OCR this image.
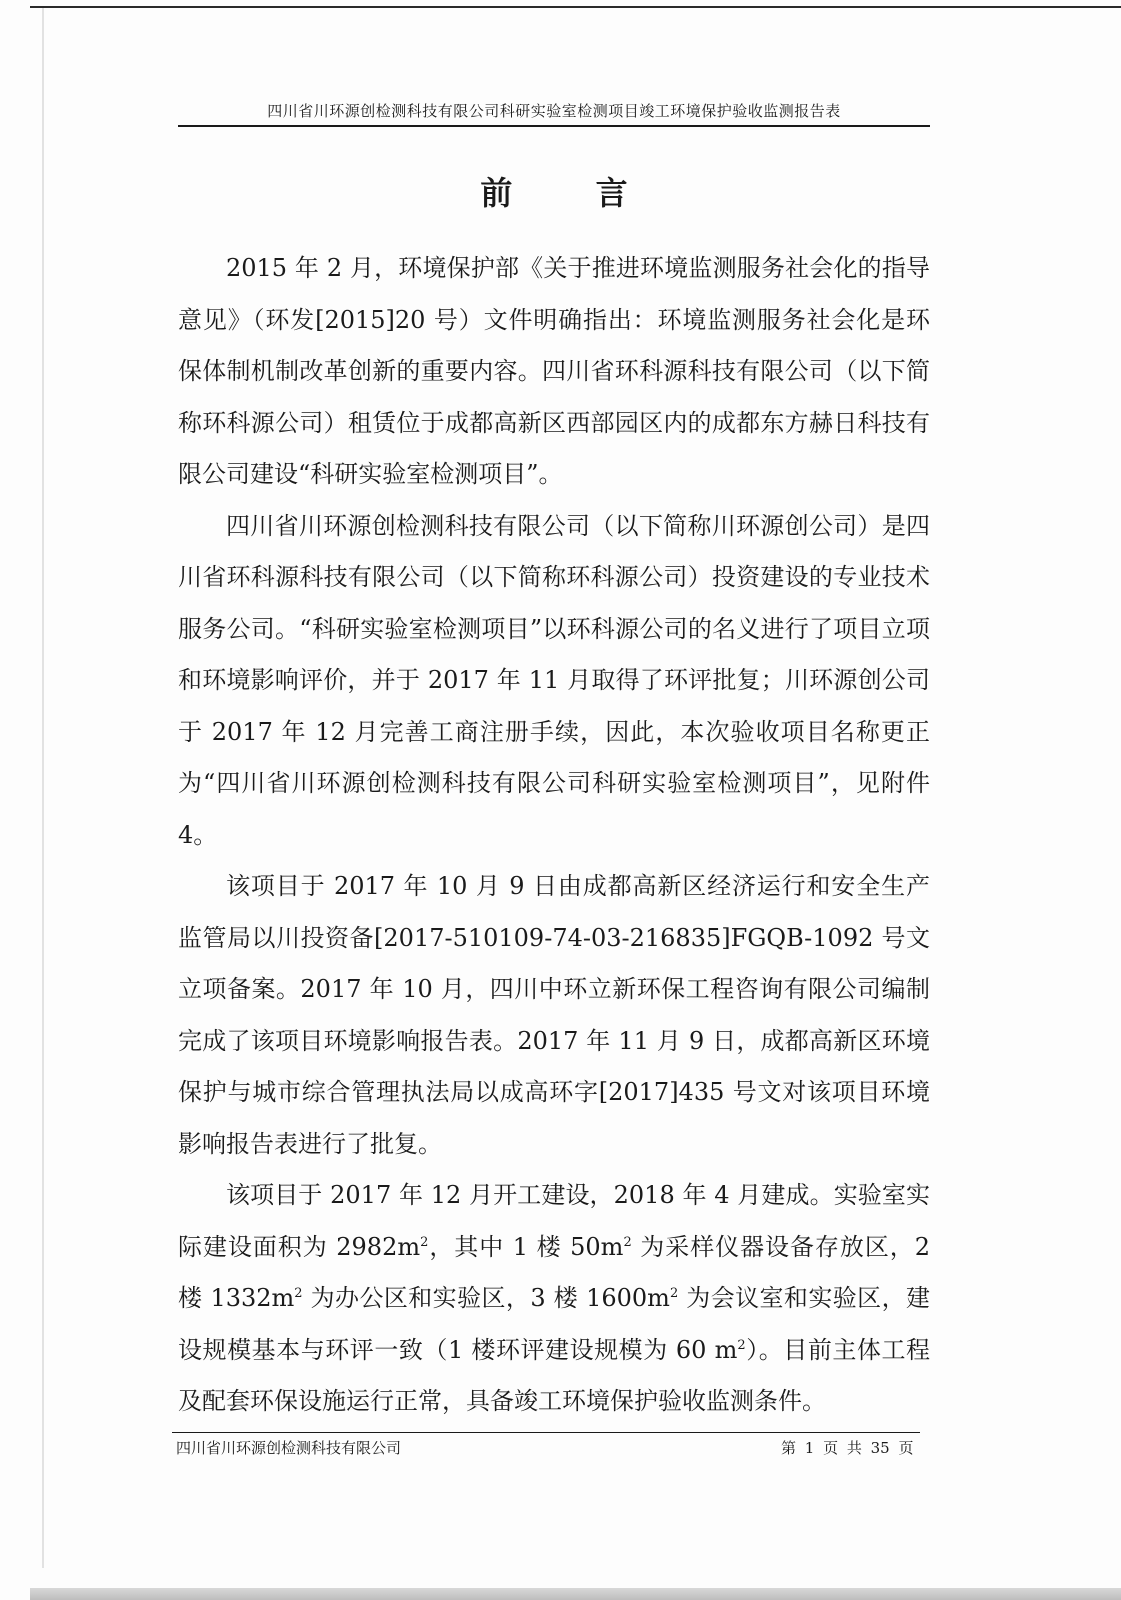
四川省川环源创检测科技有限公司科研实验室检测项目竣工环境保护验收监测报告表
前 言

2015 年 2 月，环境保护部《关于推进环境监测服务社会化的指导意见》（环发[2015]20 号）文件明确指出：环境监测服务社会化是环保体制机制改革创新的重要内容。四川省环科源科技有限公司（以下简称环科源公司）租赁位于成都高新区西部园区内的成都东方赫日科技有限公司建设“科研实验室检测项目”。

四川省川环源创检测科技有限公司（以下简称川环源创公司）是四川省环科源科技有限公司（以下简称环科源公司）投资建设的专业技术服务公司。“科研实验室检测项目”以环科源公司的名义进行了项目立项和环境影响评价，并于 2017 年 11 月取得了环评批复；川环源创公司于 2017 年 12 月完善工商注册手续，因此，本次验收项目名称更正为“四川省川环源创检测科技有限公司科研实验室检测项目”，见附件 4。

该项目于 2017 年 10 月 9 日由成都高新区经济运行和安全生产监管局以川投资备[2017-510109-74-03-216835]FGQB-1092 号文立项备案。2017 年 10 月，四川中环立新环保工程咨询有限公司编制完成了该项目环境影响报告表。2017 年 11 月 9 日，成都高新区环境保护与城市综合管理执法局以成高环字[2017]435 号文对该项目环境影响报告表进行了批复。

该项目于 2017 年 12 月开工建设，2018 年 4 月建成。实验室实际建设面积为 $2982m^2$，其中 1 楼 $50m^2$ 为采样仪器设备存放区，2 楼 $1332m^2$ 为办公区和实验区，3 楼 $1600m^2$ 为会议室和实验区，建设规模基本与环评一致（1 楼环评建设规模为 60 $m^2$）。目前主体工程及配套环保设施运行正常，具备竣工环境保护验收监测条件。

四川省川环源创检测科技有限公司	第 1 页 共 35 页
